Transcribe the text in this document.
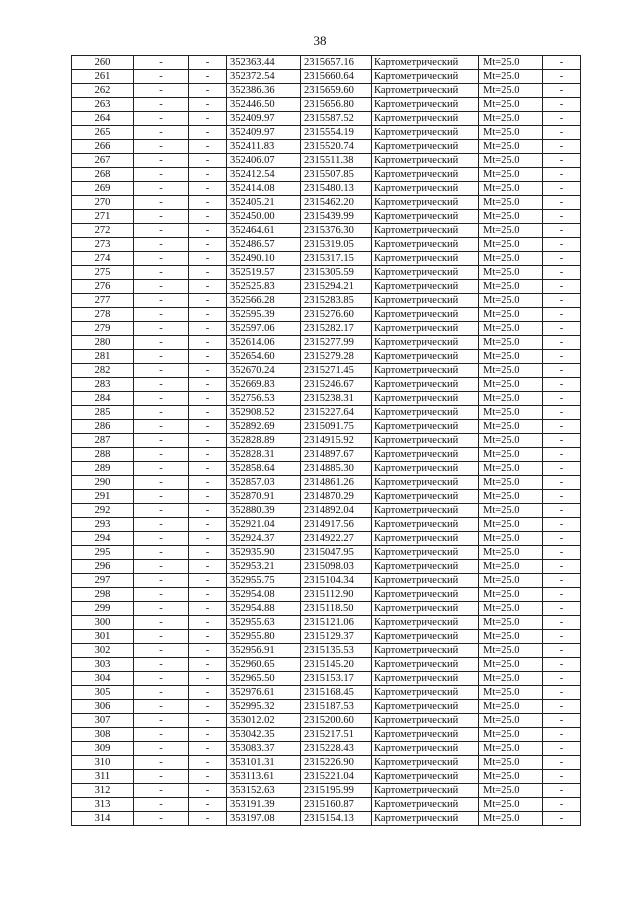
38
260	-	-	352363.44	2315657.16	Картометрический	Mt=25.0	-
261	-	-	352372.54	2315660.64	Картометрический	Mt=25.0	-
262	-	-	352386.36	2315659.60	Картометрический	Mt=25.0	-
263	-	-	352446.50	2315656.80	Картометрический	Mt=25.0	-
264	-	-	352409.97	2315587.52	Картометрический	Mt=25.0	-
265	-	-	352409.97	2315554.19	Картометрический	Mt=25.0	-
266	-	-	352411.83	2315520.74	Картометрический	Mt=25.0	-
267	-	-	352406.07	2315511.38	Картометрический	Mt=25.0	-
268	-	-	352412.54	2315507.85	Картометрический	Mt=25.0	-
269	-	-	352414.08	2315480.13	Картометрический	Mt=25.0	-
270	-	-	352405.21	2315462.20	Картометрический	Mt=25.0	-
271	-	-	352450.00	2315439.99	Картометрический	Mt=25.0	-
272	-	-	352464.61	2315376.30	Картометрический	Mt=25.0	-
273	-	-	352486.57	2315319.05	Картометрический	Mt=25.0	-
274	-	-	352490.10	2315317.15	Картометрический	Mt=25.0	-
275	-	-	352519.57	2315305.59	Картометрический	Mt=25.0	-
276	-	-	352525.83	2315294.21	Картометрический	Mt=25.0	-
277	-	-	352566.28	2315283.85	Картометрический	Mt=25.0	-
278	-	-	352595.39	2315276.60	Картометрический	Mt=25.0	-
279	-	-	352597.06	2315282.17	Картометрический	Mt=25.0	-
280	-	-	352614.06	2315277.99	Картометрический	Mt=25.0	-
281	-	-	352654.60	2315279.28	Картометрический	Mt=25.0	-
282	-	-	352670.24	2315271.45	Картометрический	Mt=25.0	-
283	-	-	352669.83	2315246.67	Картометрический	Mt=25.0	-
284	-	-	352756.53	2315238.31	Картометрический	Mt=25.0	-
285	-	-	352908.52	2315227.64	Картометрический	Mt=25.0	-
286	-	-	352892.69	2315091.75	Картометрический	Mt=25.0	-
287	-	-	352828.89	2314915.92	Картометрический	Mt=25.0	-
288	-	-	352828.31	2314897.67	Картометрический	Mt=25.0	-
289	-	-	352858.64	2314885.30	Картометрический	Mt=25.0	-
290	-	-	352857.03	2314861.26	Картометрический	Mt=25.0	-
291	-	-	352870.91	2314870.29	Картометрический	Mt=25.0	-
292	-	-	352880.39	2314892.04	Картометрический	Mt=25.0	-
293	-	-	352921.04	2314917.56	Картометрический	Mt=25.0	-
294	-	-	352924.37	2314922.27	Картометрический	Mt=25.0	-
295	-	-	352935.90	2315047.95	Картометрический	Mt=25.0	-
296	-	-	352953.21	2315098.03	Картометрический	Mt=25.0	-
297	-	-	352955.75	2315104.34	Картометрический	Mt=25.0	-
298	-	-	352954.08	2315112.90	Картометрический	Mt=25.0	-
299	-	-	352954.88	2315118.50	Картометрический	Mt=25.0	-
300	-	-	352955.63	2315121.06	Картометрический	Mt=25.0	-
301	-	-	352955.80	2315129.37	Картометрический	Mt=25.0	-
302	-	-	352956.91	2315135.53	Картометрический	Mt=25.0	-
303	-	-	352960.65	2315145.20	Картометрический	Mt=25.0	-
304	-	-	352965.50	2315153.17	Картометрический	Mt=25.0	-
305	-	-	352976.61	2315168.45	Картометрический	Mt=25.0	-
306	-	-	352995.32	2315187.53	Картометрический	Mt=25.0	-
307	-	-	353012.02	2315200.60	Картометрический	Mt=25.0	-
308	-	-	353042.35	2315217.51	Картометрический	Mt=25.0	-
309	-	-	353083.37	2315228.43	Картометрический	Mt=25.0	-
310	-	-	353101.31	2315226.90	Картометрический	Mt=25.0	-
311	-	-	353113.61	2315221.04	Картометрический	Mt=25.0	-
312	-	-	353152.63	2315195.99	Картометрический	Mt=25.0	-
313	-	-	353191.39	2315160.87	Картометрический	Mt=25.0	-
314	-	-	353197.08	2315154.13	Картометрический	Mt=25.0	-
